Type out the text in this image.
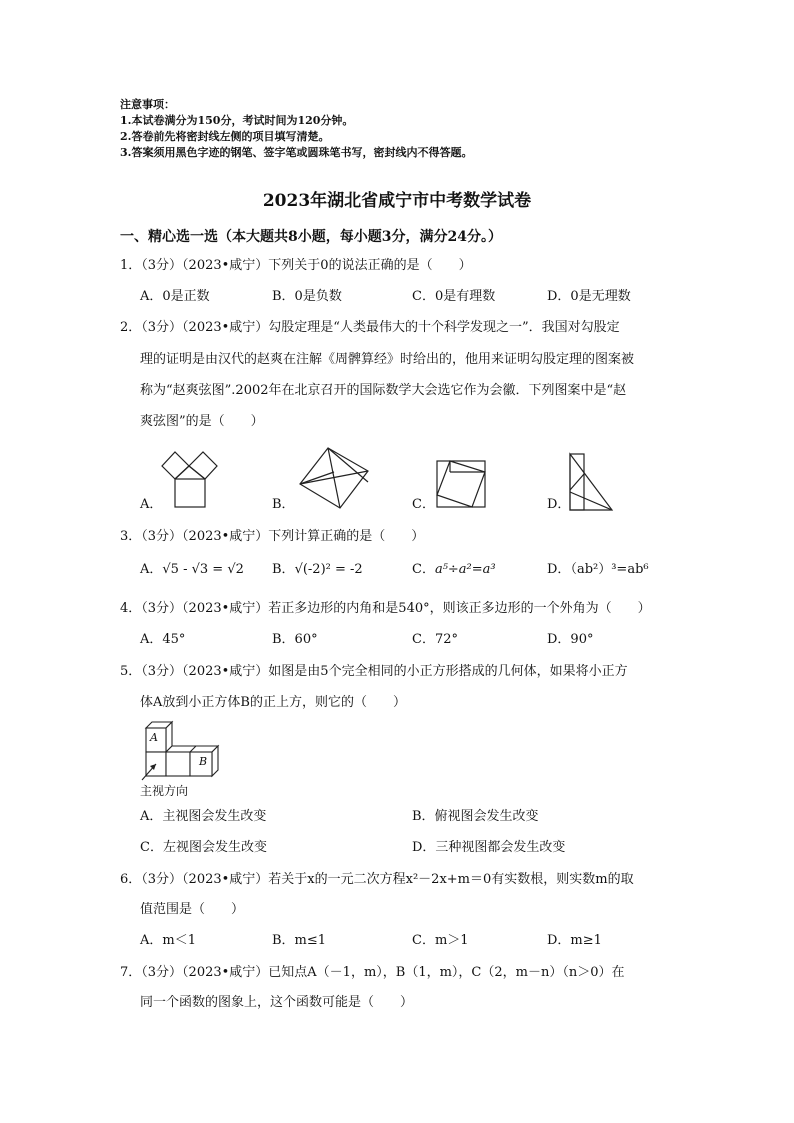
注意事项：
1.本试卷满分为150分，考试时间为120分钟。
2.答卷前先将密封线左侧的项目填写清楚。
3.答案须用黑色字迹的钢笔、签字笔或圆珠笔书写，密封线内不得答题。
2023年湖北省咸宁市中考数学试卷
一、精心选一选（本大题共8小题，每小题3分，满分24分。）
1．（3分）（2023•咸宁）下列关于0的说法正确的是（　　）
A．0是正数	B．0是负数	C．0是有理数	D．0是无理数
2．（3分）（2023•咸宁）勾股定理是“人类最伟大的十个科学发现之一”．我国对勾股定
理的证明是由汉代的赵爽在注解《周髀算经》时给出的，他用来证明勾股定理的图案被
称为“赵爽弦图”.2002年在北京召开的国际数学大会选它作为会徽．下列图案中是“赵
爽弦图”的是（　　）
A．	B．	C．	D．
3．（3分）（2023•咸宁）下列计算正确的是（　　）
A．√5 - √3 = √2 B．√(-2)² = -2	C．a⁵÷a²=a³	D．（ab²）³=ab⁶
4．（3分）（2023•咸宁）若正多边形的内角和是540°，则该正多边形的一个外角为（　　）
A．45°	B．60°	C．72°	D．90°
5．（3分）（2023•咸宁）如图是由5个完全相同的小正方形搭成的几何体，如果将小正方
体A放到小正方体B的正上方，则它的（　　）
A
B
主视方向
A．主视图会发生改变	B．俯视图会发生改变
C．左视图会发生改变	D．三种视图都会发生改变
6．（3分）（2023•咸宁）若关于x的一元二次方程x²－2x+m＝0有实数根，则实数m的取
值范围是（　　）
A．m＜1	B．m≤1	C．m＞1	D．m≥1
7．（3分）（2023•咸宁）已知点A（－1，m），B（1，m），C（2，m－n）（n＞0）在
同一个函数的图象上，这个函数可能是（　　）
